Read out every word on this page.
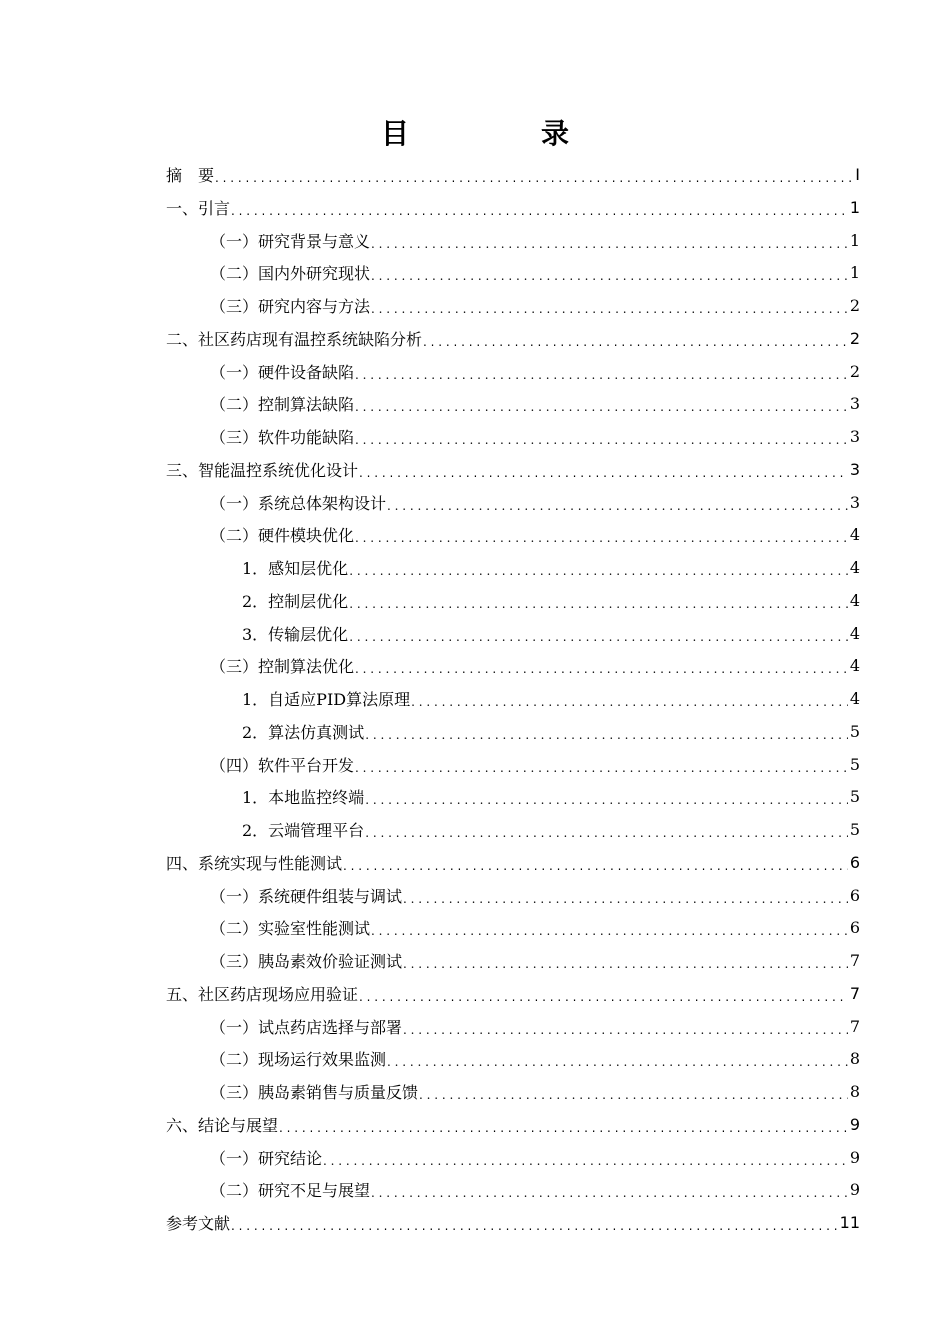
目　录
摘　要 . . .	I
一、引言 . . .	1
（一）研究背景与意义 . . .	1
（二）国内外研究现状 . . .	1
（三）研究内容与方法 . . .	2
二、社区药店现有温控系统缺陷分析 . . .	2
（一）硬件设备缺陷 . . .	2
（二）控制算法缺陷 . . .	3
（三）软件功能缺陷 . . .	3
三、智能温控系统优化设计 . . .	3
（一）系统总体架构设计 . . .	3
（二）硬件模块优化 . . .	4
1．感知层优化 . . .	4
2．控制层优化 . . .	4
3．传输层优化 . . .	4
（三）控制算法优化 . . .	4
1．自适应PID算法原理 . . .	4
2．算法仿真测试 . . .	5
（四）软件平台开发 . . .	5
1．本地监控终端 . . .	5
2．云端管理平台 . . .	5
四、系统实现与性能测试 . . .	6
（一）系统硬件组装与调试 . . .	6
（二）实验室性能测试 . . .	6
（三）胰岛素效价验证测试 . . .	7
五、社区药店现场应用验证 . . .	7
（一）试点药店选择与部署 . . .	7
（二）现场运行效果监测 . . .	8
（三）胰岛素销售与质量反馈 . . .	8
六、结论与展望 . . .	9
（一）研究结论 . . .	9
（二）研究不足与展望 . . .	9
参考文献 . . .	11
